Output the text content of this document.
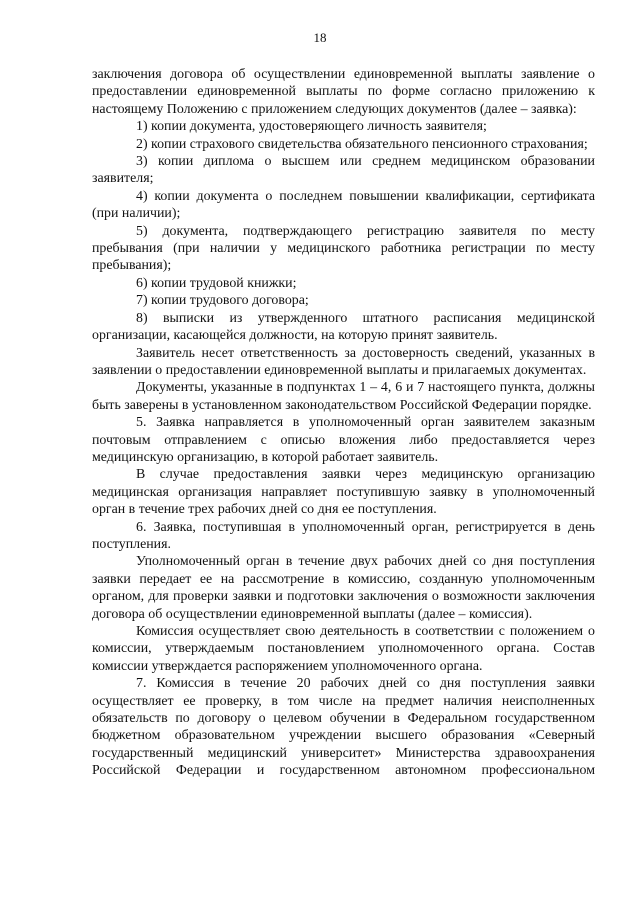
18

заключения договора об осуществлении единовременной выплаты заявление о предоставлении единовременной выплаты по форме согласно приложению к настоящему Положению с приложением следующих документов (далее – заявка):

1) копии документа, удостоверяющего личность заявителя;

2) копии страхового свидетельства обязательного пенсионного страхования;

3) копии диплома о высшем или среднем медицинском образовании заявителя;

4) копии документа о последнем повышении квалификации, сертификата (при наличии);

5) документа, подтверждающего регистрацию заявителя по месту пребывания (при наличии у медицинского работника регистрации по месту пребывания);

6) копии трудовой книжки;

7) копии трудового договора;

8) выписки из утвержденного штатного расписания медицинской организации, касающейся должности, на которую принят заявитель.

Заявитель несет ответственность за достоверность сведений, указанных в заявлении о предоставлении единовременной выплаты и прилагаемых документах.

Документы, указанные в подпунктах 1 – 4, 6 и 7 настоящего пункта, должны быть заверены в установленном законодательством Российской Федерации порядке.

5. Заявка направляется в уполномоченный орган заявителем заказным почтовым отправлением с описью вложения либо предоставляется через медицинскую организацию, в которой работает заявитель.

В случае предоставления заявки через медицинскую организацию медицинская организация направляет поступившую заявку в уполномоченный орган в течение трех рабочих дней со дня ее поступления.

6. Заявка, поступившая в уполномоченный орган, регистрируется в день поступления.

Уполномоченный орган в течение двух рабочих дней со дня поступления заявки передает ее на рассмотрение в комиссию, созданную уполномоченным органом, для проверки заявки и подготовки заключения о возможности заключения договора об осуществлении единовременной выплаты (далее – комиссия).

Комиссия осуществляет свою деятельность в соответствии с положением о комиссии, утверждаемым постановлением уполномоченного органа. Состав комиссии утверждается распоряжением уполномоченного органа.

7. Комиссия в течение 20 рабочих дней со дня поступления заявки осуществляет ее проверку, в том числе на предмет наличия неисполненных обязательств по договору о целевом обучении в Федеральном государственном бюджетном образовательном учреждении высшего образования «Северный государственный медицинский университет» Министерства здравоохранения Российской Федерации и государственном автономном профессиональном
